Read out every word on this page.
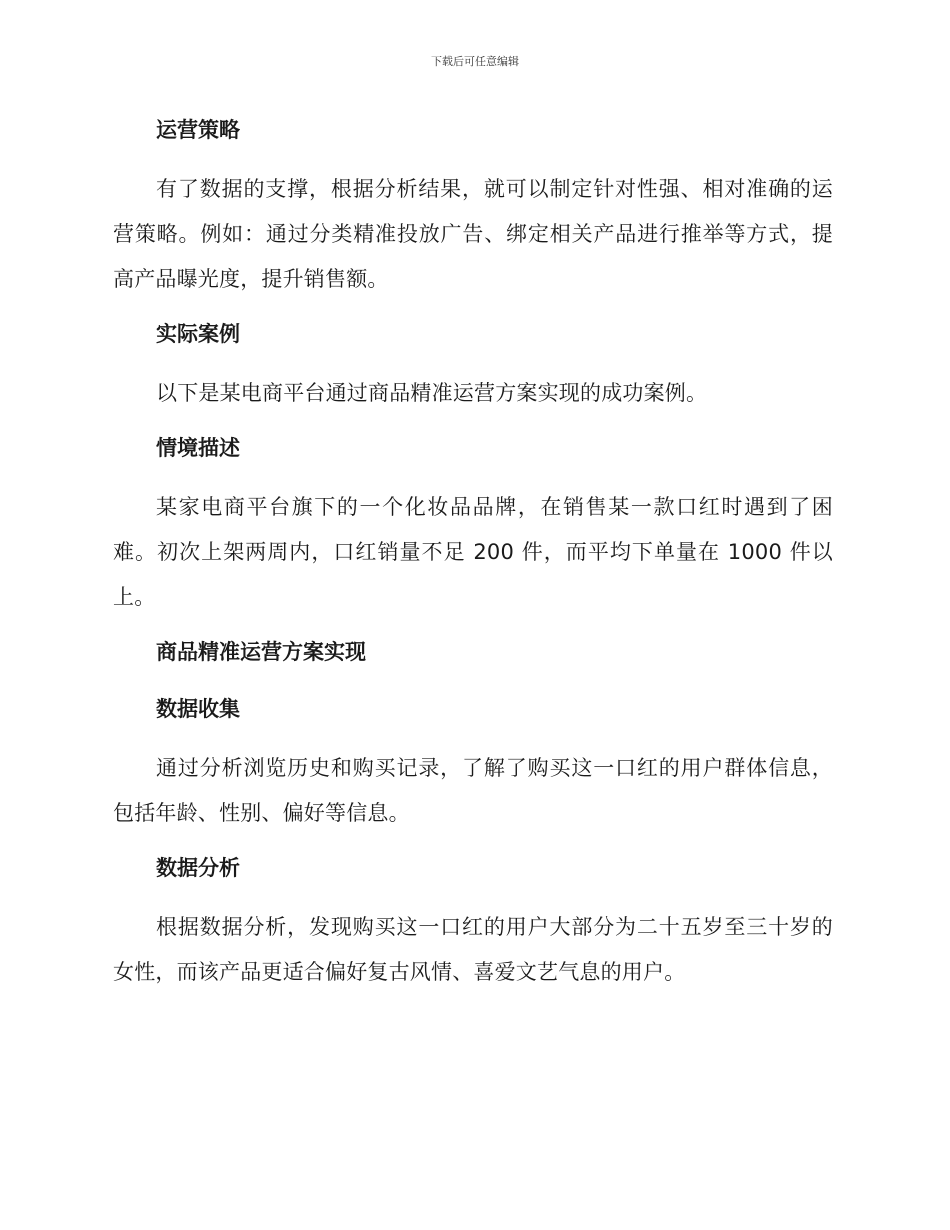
下载后可任意编辑
运营策略
有了数据的支撑，根据分析结果，就可以制定针对性强、相对准确的运营策略。例如：通过分类精准投放广告、绑定相关产品进行推举等方式，提高产品曝光度，提升销售额。
实际案例
以下是某电商平台通过商品精准运营方案实现的成功案例。
情境描述
某家电商平台旗下的一个化妆品品牌，在销售某一款口红时遇到了困难。初次上架两周内，口红销量不足 200 件，而平均下单量在 1000 件以上。
商品精准运营方案实现
数据收集
通过分析浏览历史和购买记录，了解了购买这一口红的用户群体信息，包括年龄、性别、偏好等信息。
数据分析
根据数据分析，发现购买这一口红的用户大部分为二十五岁至三十岁的女性，而该产品更适合偏好复古风情、喜爱文艺气息的用户。
